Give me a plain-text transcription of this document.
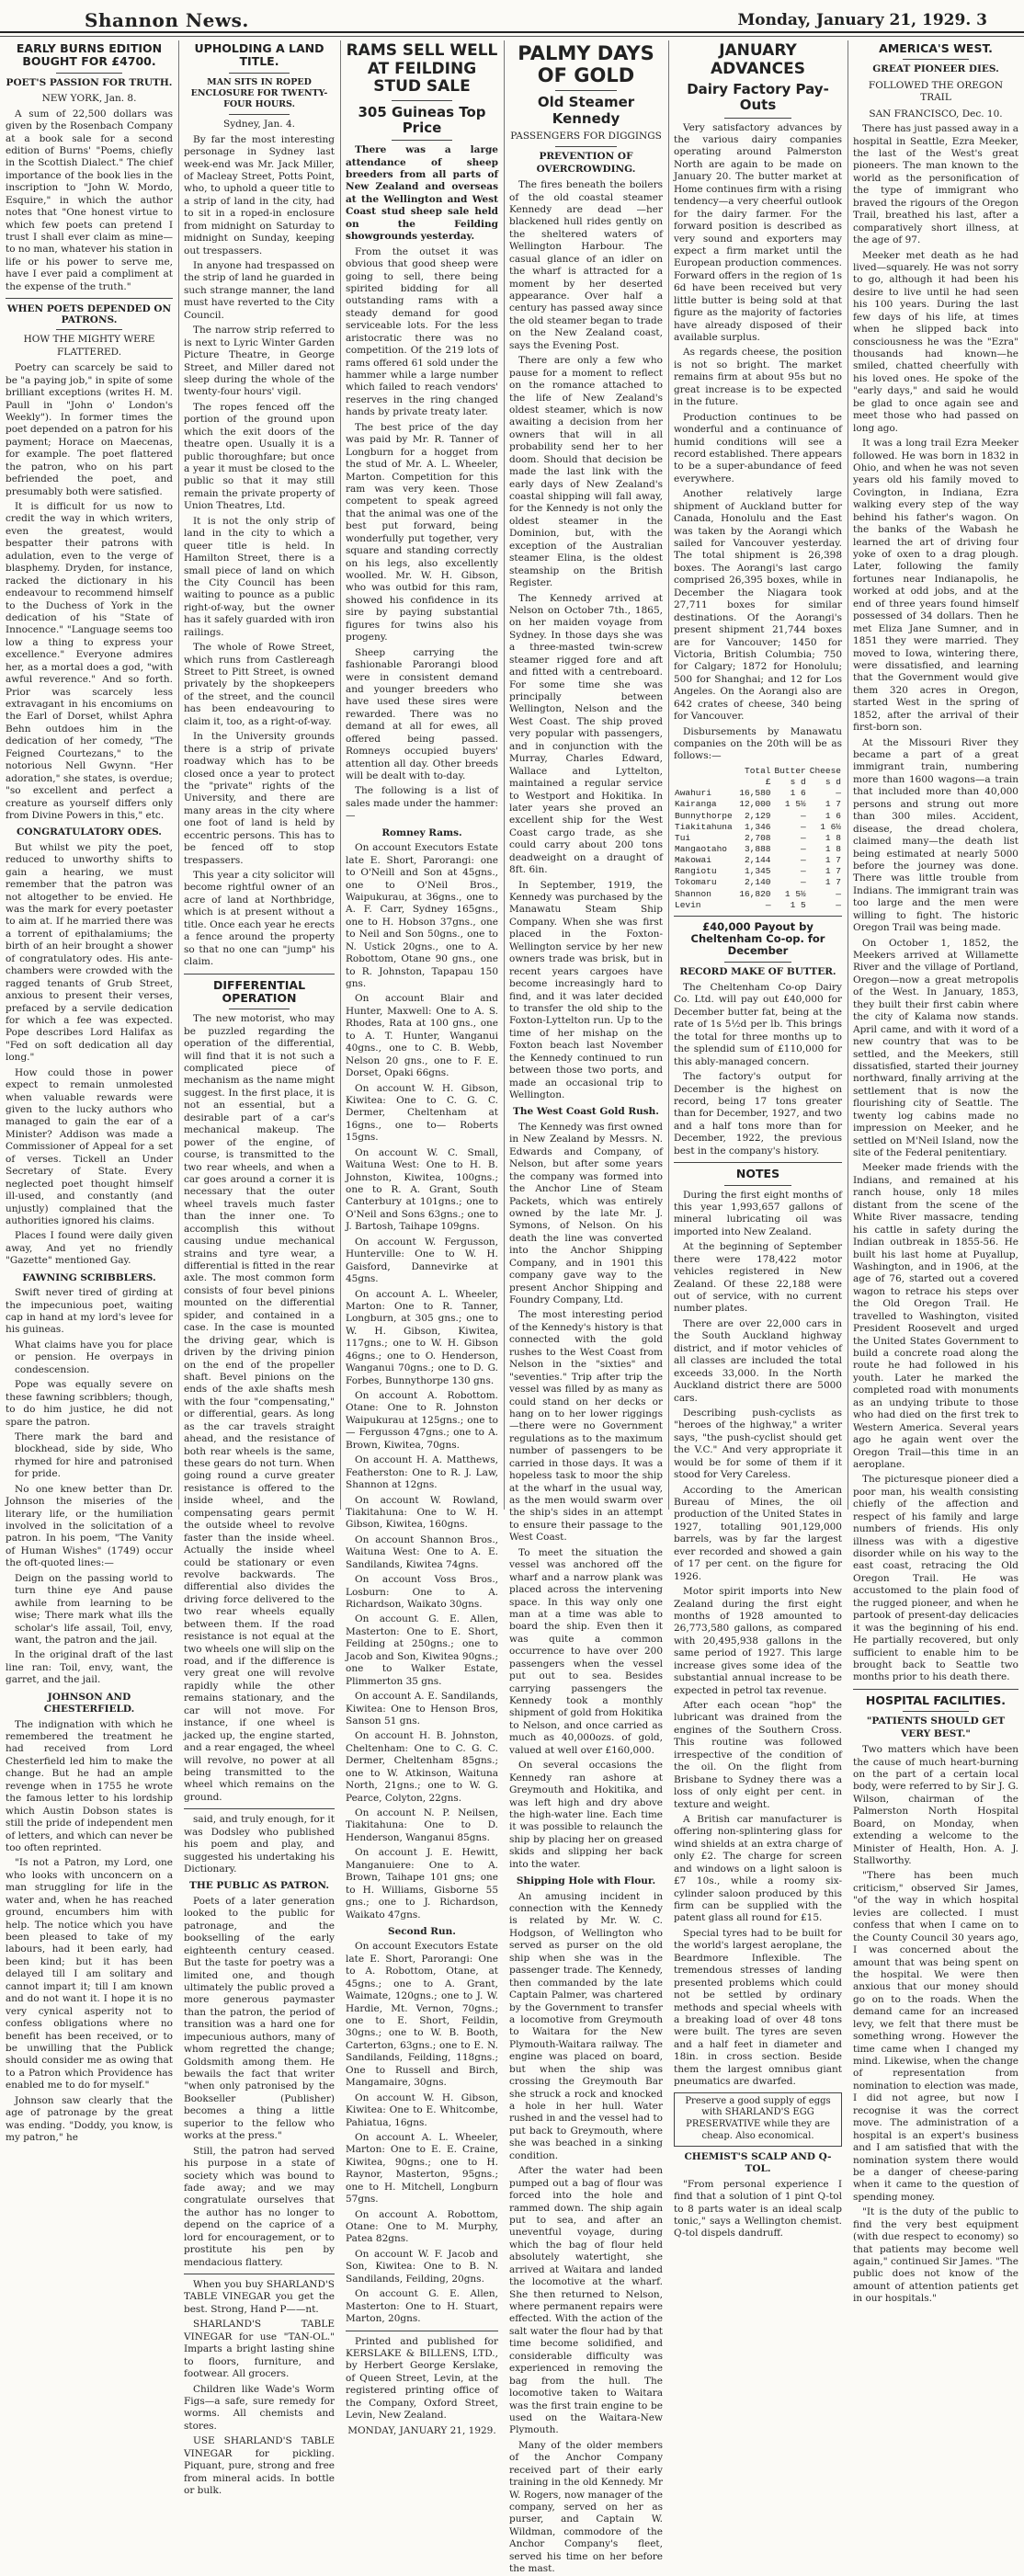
Shannon News.	Monday, January 21, 1929. 3
EARLY BURNS EDITION BOUGHT FOR £4700.
POET'S PASSION FOR TRUTH.

NEW YORK, Jan. 8.

A sum of 22,500 dollars was given by the Rosenbach Company at a book sale for a second edition of Burns' "Poems, chiefly in the Scottish Dialect." The chief importance of the book lies in the inscription to "John W. Mordo, Esquire," in which the author notes that "One honest virtue to which few poets can pretend I trust I shall ever claim as mine—to no man, whatever his station in life or his power to serve me, have I ever paid a compliment at the expense of the truth."

WHEN POETS DEPENDED ON PATRONS.
HOW THE MIGHTY WERE FLATTERED.

Poetry can scarcely be said to be "a paying job," in spite of some brilliant exceptions (writes H. M. Paull in "John o' London's Weekly"). In former times the poet depended on a patron for his payment; Horace on Maecenas, for example. The poet flattered the patron, who on his part befriended the poet, and presumably both were satisfied.

It is difficult for us now to credit the way in which writers, even the greatest, would bespatter their patrons with adulation, even to the verge of blasphemy. Dryden, for instance, racked the dictionary in his endeavour to recommend himself to the Duchess of York in the dedication of his "State of Innocence." "Language seems too low a thing to express your excellence." Everyone admires her, as a mortal does a god, "with awful reverence." And so forth. Prior was scarcely less extravagant in his encomiums on the Earl of Dorset, whilst Aphra Behn outdoes him in the dedication of her comedy, "The Feigned Courtezans," to the notorious Nell Gwynn. "Her adoration," she states, is overdue; "so excellent and perfect a creature as yourself differs only from Divine Powers in this," etc.

CONGRATULATORY ODES.

But whilst we pity the poet, reduced to unworthy shifts to gain a hearing, we must remember that the patron was not altogether to be envied. He was the mark for every poetaster to aim at. If he married there was a torrent of epithalamiums; the birth of an heir brought a shower of congratulatory odes. His ante-chambers were crowded with the ragged tenants of Grub Street, anxious to present their verses, prefaced by a servile dedication for which a fee was expected. Pope describes Lord Halifax as "Fed on soft dedication all day long."

How could those in power expect to remain unmolested when valuable rewards were given to the lucky authors who managed to gain the ear of a Minister? Addison was made a Commissioner of Appeal for a set of verses. Tickell an Under Secretary of State. Every neglected poet thought himself ill-used, and constantly (and unjustly) complained that the authorities ignored his claims.

Places I found were daily given away, And yet no friendly "Gazette" mentioned Gay.

FAWNING SCRIBBLERS.

Swift never tired of girding at the impecunious poet, waiting cap in hand at my lord's levee for his guineas.

What claims have you for place or pension. He overpays in condescension.

Pope was equally severe on these fawning scribblers; though, to do him justice, he did not spare the patron.

There mark the bard and blockhead, side by side, Who rhymed for hire and patronised for pride.

No one knew better than Dr. Johnson the miseries of the literary life, or the humiliation involved in the solicitation of a patron. In his poem, "The Vanity of Human Wishes" (1749) occur the oft-quoted lines:—

Deign on the passing world to turn thine eye And pause awhile from learning to be wise; There mark what ills the scholar's life assail, Toil, envy, want, the patron and the jail.

In the original draft of the last line ran: Toil, envy, want, the garret, and the jail.

JOHNSON AND CHESTERFIELD.

The indignation with which he remembered the treatment he had received from Lord Chesterfield led him to make the change. But he had an ample revenge when in 1755 he wrote the famous letter to his lordship which Austin Dobson states is still the pride of independent men of letters, and which can never be too often reprinted.

"Is not a Patron, my Lord, one who looks with unconcern on a man struggling for life in the water and, when he has reached ground, encumbers him with help. The notice which you have been pleased to take of my labours, had it been early, had been kind; but it has been delayed till I am solitary and cannot impart it; till I am known and do not want it. I hope it is no very cynical asperity not to confess obligations where no benefit has been received, or to be unwilling that the Publick should consider me as owing that to a Patron which Providence has enabled me to do for myself."

Johnson saw clearly that the age of patronage by the great was ending. "Doddy, you know, is my patron," he

UPHOLDING A LAND TITLE.
MAN SITS IN ROPED ENCLOSURE FOR TWENTY-FOUR HOURS.

Sydney, Jan. 4.

By far the most interesting personage in Sydney last week-end was Mr. Jack Miller, of Macleay Street, Potts Point, who, to uphold a queer title to a strip of land in the city, had to sit in a roped-in enclosure from midnight on Saturday to midnight on Sunday, keeping out trespassers.

In anyone had trespassed on the strip of land he guarded in such strange manner, the land must have reverted to the City Council.

The narrow strip referred to is next to Lyric Winter Garden Picture Theatre, in George Street, and Miller dared not sleep during the whole of the twenty-four hours' vigil.

The ropes fenced off the portion of the ground upon which the exit doors of the theatre open. Usually it is a public thoroughfare; but once a year it must be closed to the public so that it may still remain the private property of Union Theatres, Ltd.

It is not the only strip of land in the city to which a queer title is held. In Hamilton Street, there is a small piece of land on which the City Council has been waiting to pounce as a public right-of-way, but the owner has it safely guarded with iron railings.

The whole of Rowe Street, which runs from Castlereagh Street to Pitt Street, is owned privately by the shopkeepers of the street, and the council has been endeavouring to claim it, too, as a right-of-way.

In the University grounds there is a strip of private roadway which has to be closed once a year to protect the "private" rights of the University, and there are many areas in the city where one foot of land is held by eccentric persons. This has to be fenced off to stop trespassers.

This year a city solicitor will become rightful owner of an acre of land at Northbridge, which is at present without a title. Once each year he erects a fence around the property so that no one can "jump" his claim.

DIFFERENTIAL OPERATION

The new motorist, who may be puzzled regarding the operation of the differential, will find that it is not such a complicated piece of mechanism as the name might suggest. In the first place, it is not an essential, but a desirable part of a car's mechanical makeup. The power of the engine, of course, is transmitted to the two rear wheels, and when a car goes around a corner it is necessary that the outer wheel travels much faster than the inner one. To accomplish this without causing undue mechanical strains and tyre wear, a differential is fitted in the rear axle. The most common form consists of four bevel pinions mounted on the differential spider, and contained in a case. In the case is mounted the driving gear, which is driven by the driving pinion on the end of the propeller shaft. Bevel pinions on the ends of the axle shafts mesh with the four "compensating," or differential, gears. As long as the car travels straight ahead, and the resistance of both rear wheels is the same, these gears do not turn. When going round a curve greater resistance is offered to the inside wheel, and the compensating gears permit the outside wheel to revolve faster than the inside wheel. Actually the inside wheel could be stationary or even revolve backwards. The differential also divides the driving force delivered to the two rear wheels equally between them. If the road resistance is not equal at the two wheels one will slip on the road, and if the difference is very great one will revolve rapidly while the other remains stationary, and the car will not move. For instance, if one wheel is jacked up, the engine started, and a rear engaged, the wheel will revolve, no power at all being transmitted to the wheel which remains on the ground.

said, and truly enough, for it was Dodsley who published his poem and play, and suggested his undertaking his Dictionary.

THE PUBLIC AS PATRON.

Poets of a later generation looked to the public for patronage, and the bookselling of the early eighteenth century ceased. But the taste for poetry was a limited one, and though ultimately the public proved a more generous paymaster than the patron, the period of transition was a hard one for impecunious authors, many of whom regretted the change; Goldsmith among them. He bewails the fact that writer "when only patronised by the Bookseller (Publisher) becomes a thing a little superior to the fellow who works at the press."

Still, the patron had served his purpose in a state of society which was bound to fade away; and we may congratulate ourselves that the author has no longer to depend on the caprice of a lord for encouragement, or to prostitute his pen by mendacious flattery.

When you buy SHARLAND'S TABLE VINEGAR you get the best. Strong, Hand P——nt.

SHARLAND'S TABLE VINEGAR for use "TAN-OL." Imparts a bright lasting shine to floors, furniture, and footwear. All grocers.

Children like Wade's Worm Figs—a safe, sure remedy for worms. All chemists and stores.

USE SHARLAND'S TABLE VINEGAR for pickling. Piquant, pure, strong and free from mineral acids. In bottle or bulk.

RAMS SELL WELL AT FEILDING STUD SALE
305 Guineas Top Price

There was a large attendance of sheep breeders from all parts of New Zealand and overseas at the Wellington and West Coast stud sheep sale held on the Feilding showgrounds yesterday.

From the outset it was obvious that good sheep were going to sell, there being spirited bidding for all outstanding rams with a steady demand for good serviceable lots. For the less aristocratic there was no competition. Of the 219 lots of rams offered 61 sold under the hammer while a large number which failed to reach vendors' reserves in the ring changed hands by private treaty later.

The best price of the day was paid by Mr. R. Tanner of Longburn for a hogget from the stud of Mr. A. L. Wheeler, Marton. Competition for this ram was very keen. Those competent to speak agreed that the animal was one of the best put forward, being wonderfully put together, very square and standing correctly on his legs, also excellently woolled. Mr. W. H. Gibson, who was outbid for this ram, showed his confidence in its sire by paying substantial figures for twins also his progeny.

Sheep carrying the fashionable Parorangi blood were in consistent demand and younger breeders who have used these sires were rewarded. There was no demand at all for ewes, all offered being passed. Romneys occupied buyers' attention all day. Other breeds will be dealt with to-day.

The following is a list of sales made under the hammer:—

Romney Rams.

On account Executors Estate late E. Short, Parorangi: one to O'Neill and Son at 45gns., one to O'Neil Bros., Waipukurau, at 36gns., one to A. F. Carr, Sydney 165gns., one to H. Hobson 37gns., one to Neil and Son 50gns., one to N. Ustick 20gns., one to A. Robottom, Otane 90 gns., one to R. Johnston, Tapapau 150 gns.

On account Blair and Hunter, Maxwell: One to A. S. Rhodes, Rata at 100 gns., one to A. T. Hunter, Wanganui 40gns., one to C. B. Webb, Nelson 20 gns., one to F. E. Dorset, Opaki 66gns.

On account W. H. Gibson, Kiwitea: One to C. G. C. Dermer, Cheltenham at 16gns., one to— Roberts 15gns.

On account W. C. Small, Waituna West: One to H. B. Johnston, Kiwitea, 100gns.; one to R. A. Grant, South Canterbury at 101gns.; one to O'Neil and Sons 63gns.; one to J. Bartosh, Taihape 109gns.

On account W. Fergusson, Hunterville: One to W. H. Gaisford, Dannevirke at 45gns.

On account A. L. Wheeler, Marton: One to R. Tanner, Longburn, at 305 gns.; one to W. H. Gibson, Kiwitea, 117gns.; one to W. H. Gibson 46gns.; one to O. Henderson, Wanganui 70gns.; one to D. G. Forbes, Bunnythorpe 130 gns.

On account A. Robottom. Otane: One to R. Johnston Waipukurau at 125gns.; one to — Fergusson 47gns.; one to A. Brown, Kiwitea, 70gns.

On account H. A. Matthews, Featherston: One to R. J. Law, Shannon at 12gns.

On account W. Rowland, Tiakitahuna: One to W. H. Gibson, Kiwitea, 160gns.

On account Shannon Bros., Waituna West: One to A. E. Sandilands, Kiwitea 74gns.

On account Voss Bros., Losburn: One to A. Richardson, Waikato 30gns.

On account G. E. Allen, Masterton: One to E. Short, Feilding at 250gns.; one to Jacob and Son, Kiwitea 90gns.; one to Walker Estate, Plimmerton 35 gns.

On account A. E. Sandilands, Kiwitea: One to Henson Bros, Sanson 51 gns.

On account H. B. Johnston, Cheltenham: One to C. G. C. Dermer, Cheltenham 85gns.; one to W. Atkinson, Waituna North, 21gns.; one to W. G. Pearce, Colyton, 22gns.

On account N. P. Neilsen, Tiakitahuna: One to D. Henderson, Wanganui 85gns.

On account J. E. Hewitt, Manganuiere: One to A. Brown, Taihape 101 gns; one to H. Williams, Gisborne 55 gns.; one to J. Richardson, Waikato 47gns.

Second Run.

On account Executors Estate late E. Short, Parorangi: One to A. Robottom, Otane, at 45gns.; one to A. Grant, Waimate, 120gns.; one to J. W. Hardie, Mt. Vernon, 70gns.; one to E. Short, Feildin, 30gns.; one to W. B. Booth, Carterton, 63gns.; one to E. N. Sandilands, Feilding, 118gns.; One to Russell and Birch, Mangamaire, 30gns.

On account W. H. Gibson, Kiwitea: One to E. Whitcombe, Pahiatua, 16gns.

On account A. L. Wheeler, Marton: One to E. E. Craine, Kiwitea, 90gns.; one to H. Raynor, Masterton, 95gns.; one to H. Mitchell, Longburn 57gns.

On account A. Robottom, Otane: One to M. Murphy, Patea 82gns.

On account W. F. Jacob and Son, Kiwitea: One to B. N. Sandilands, Feilding, 20gns.

On account G. E. Allen, Masterton: One to H. Stuart, Marton, 20gns.

Printed and published for KERSLAKE & BILLENS, LTD., by Herbert George Kerslake, of Queen Street, Levin, at the registered printing office of the Company, Oxford Street, Levin, New Zealand.

MONDAY, JANUARY 21, 1929.

PALMY DAYS OF GOLD
Old Steamer Kennedy
PASSENGERS FOR DIGGINGS
PREVENTION OF OVERCROWDING.

The fires beneath the boilers of the old coastal steamer Kennedy are dead —her blackened hull rides gently on the sheltered waters of Wellington Harbour. The casual glance of an idler on the wharf is attracted for a moment by her deserted appearance. Over half a century has passed away since the old steamer began to trade on the New Zealand coast, says the Evening Post.

There are only a few who pause for a moment to reflect on the romance attached to the life of New Zealand's oldest steamer, which is now awaiting a decision from her owners that will in all probability send her to her doom. Should that decision be made the last link with the early days of New Zealand's coastal shipping will fall away, for the Kennedy is not only the oldest steamer in the Dominion, but, with the exception of the Australian steamer Elina, is the oldest steamship on the British Register.

The Kennedy arrived at Nelson on October 7th., 1865, on her maiden voyage from Sydney. In those days she was a three-masted twin-screw steamer rigged fore and aft and fitted with a centreboard. For some time she was principally between Wellington, Nelson and the West Coast. The ship proved very popular with passengers, and in conjunction with the Murray, Charles Edward, Wallace and Lyttelton, maintained a regular service to Westport and Hokitika. In later years she proved an excellent ship for the West Coast cargo trade, as she could carry about 200 tons deadweight on a draught of 8ft. 6in.

In September, 1919, the Kennedy was purchased by the Manawatu Steam Ship Company. When she was first placed in the Foxton-Wellington service by her new owners trade was brisk, but in recent years cargoes have become increasingly hard to find, and it was later decided to transfer the old ship to the Foxton-Lyttelton run. Up to the time of her mishap on the Foxton beach last November the Kennedy continued to run between those two ports, and made an occasional trip to Wellington.

The West Coast Gold Rush.

The Kennedy was first owned in New Zealand by Messrs. N. Edwards and Company, of Nelson, but after some years the company was formed into the Anchor Line of Steam Packets, which was entirely owned by the late Mr. J. Symons, of Nelson. On his death the line was converted into the Anchor Shipping Company, and in 1901 this company gave way to the present Anchor Shipping and Foundry Company, Ltd.

The most interesting period of the Kennedy's history is that connected with the gold rushes to the West Coast from Nelson in the "sixties" and "seventies." Trip after trip the vessel was filled by as many as could stand on her decks or hang on to her lower riggings—there were no Government regulations as to the maximum number of passengers to be carried in those days. It was a hopeless task to moor the ship at the wharf in the usual way, as the men would swarm over the ship's sides in an attempt to ensure their passage to the West Coast.

To meet the situation the vessel was anchored off the wharf and a narrow plank was placed across the intervening space. In this way only one man at a time was able to board the ship. Even then it was quite a common occurrence to have over 200 passengers when the vessel put out to sea. Besides carrying passengers the Kennedy took a monthly shipment of gold from Hokitika to Nelson, and once carried as much as 40,000ozs. of gold, valued at well over £160,000.

On several occasions the Kennedy ran ashore at Greymouth and Hokitika, and was left high and dry above the high-water line. Each time it was possible to relaunch the ship by placing her on greased skids and slipping her back into the water.

Shipping Hole with Flour.

An amusing incident in connection with the Kennedy is related by Mr. W. C. Hodgson, of Wellington who served as purser on the old ship when she was in the passenger trade. The Kennedy, then commanded by the late Captain Palmer, was chartered by the Government to transfer a locomotive from Greymouth to Waitara for the New Plymouth-Waitara railway. The engine was placed on board, but when the ship was crossing the Greymouth Bar she struck a rock and knocked a hole in her hull. Water rushed in and the vessel had to put back to Greymouth, where she was beached in a sinking condition.

After the water had been pumped out a bag of flour was forced into the hole and rammed down. The ship again put to sea, and after an uneventful voyage, during which the bag of flour held absolutely watertight, she arrived at Waitara and landed the locomotive at the wharf. She then returned to Nelson, where permanent repairs were effected. With the action of the salt water the flour had by that time become solidified, and considerable difficulty was experienced in removing the bag from the hull. The locomotive taken to Waitara was the first train engine to be used on the Waitara-New Plymouth.

Many of the older members of the Anchor Company received part of their early training in the old Kennedy. Mr W. Rogers, now manager of the company, served on her as purser, and Captain W. Wildman, commodore of the Anchor Company's fleet, served his time on her before the mast.

JANUARY ADVANCES
Dairy Factory Pay-Outs

Very satisfactory advances by the various dairy companies operating around Palmerston North are again to be made on January 20. The butter market at Home continues firm with a rising tendency—a very cheerful outlook for the dairy farmer. For the forward position is described as very sound and exporters may expect a firm market until the European production commences. Forward offers in the region of 1s 6d have been received but very little butter is being sold at that figure as the majority of factories have already disposed of their available surplus.

As regards cheese, the position is not so bright. The market remains firm at about 95s but no great increase is to be expected in the future.

Production continues to be wonderful and a continuance of humid conditions will see a record established. There appears to be a super-abundance of feed everywhere.

Another relatively large shipment of Auckland butter for Canada, Honolulu and the East was taken by the Aorangi which sailed for Vancouver yesterday. The total shipment is 26,398 boxes. The Aorangi's last cargo comprised 26,395 boxes, while in December the Niagara took 27,711 boxes for similar destinations. Of the Aorangi's present shipment 21,744 boxes are for Vancouver; 1450 for Victoria, British Columbia; 750 for Calgary; 1872 for Honolulu; 500 for Shanghai; and 12 for Los Angeles. On the Aorangi also are 642 crates of cheese, 340 being for Vancouver.

Disbursements by Manawatu companies on the 20th will be as follows:—

	Total	Butter	Cheese
	£	s d	s d
Awahuri	16,580	1 6	—
Kairanga	12,000	1 5½	1 7
Bunnythorpe	2,129	—	1 6
Tiakitahuna	1,346	—	1 6½
Tui	2,708	—	1 8
Mangaotaho	3,888	—	1 8
Makowai	2,144	—	1 7
Rangiotu	1,345	—	1 7
Tokomaru	2,140	—	1 7
Shannon	16,820	1 5½	—
Levin	—	1 5	—
£40,000 Payout by Cheltenham Co-op. for December
RECORD MAKE OF BUTTER.

The Cheltenham Co-op Dairy Co. Ltd. will pay out £40,000 for December butter fat, being at the rate of 1s 5½d per lb. This brings the total for three months up to the splendid sum of £110,000 for this ably-managed concern.

The factory's output for December is the highest on record, being 17 tons greater than for December, 1927, and two and a half tons more than for December, 1922, the previous best in the company's history.

NOTES

During the first eight months of this year 1,993,657 gallons of mineral lubricating oil was imported into New Zealand.

At the beginning of September there were 178,422 motor vehicles registered in New Zealand. Of these 22,188 were out of service, with no current number plates.

There are over 22,000 cars in the South Auckland highway district, and if motor vehicles of all classes are included the total exceeds 33,000. In the North Auckland district there are 5000 cars.

Describing push-cyclists as "heroes of the highway," a writer says, "the push-cyclist should get the V.C." And very appropriate it would be for some of them if it stood for Very Careless.

According to the American Bureau of Mines, the oil production of the United States in 1927, totalling 901,129,000 barrels, was by far the largest ever recorded and showed a gain of 17 per cent. on the figure for 1926.

Motor spirit imports into New Zealand during the first eight months of 1928 amounted to 26,773,580 gallons, as compared with 20,495,938 gallons in the same period of 1927. This large increase gives some idea of the substantial annual increase to be expected in petrol tax revenue.

After each ocean "hop" the lubricant was drained from the engines of the Southern Cross. This routine was followed irrespective of the condition of the oil. On the flight from Brisbane to Sydney there was a loss of only eight per cent. in texture and weight.

A British car manufacturer is offering non-splintering glass for wind shields at an extra charge of only £2. The charge for screen and windows on a light saloon is £7 10s., while a roomy six-cylinder saloon produced by this firm can be supplied with the patent glass all round for £15.

Special tyres had to be built for the world's largest aeroplane, the Beardmore Inflexible. The tremendous stresses of landing presented problems which could not be settled by ordinary methods and special wheels with a breaking load of over 48 tons were built. The tyres are seven and a half feet in diameter and 18in. in cross section. Beside them the largest omnibus giant pneumatics are dwarfed.

Preserve a good supply of eggs with SHARLAND'S EGG PRESERVATIVE while they are cheap. Also economical.
CHEMIST'S SCALP AND Q-TOL.

"From personal experience I find that a solution of 1 pint Q-tol to 8 parts water is an ideal scalp tonic," says a Wellington chemist. Q-tol dispels dandruff.

AMERICA'S WEST.
GREAT PIONEER DIES.
FOLLOWED THE OREGON TRAIL

SAN FRANCISCO, Dec. 10.

There has just passed away in a hospital in Seattle, Ezra Meeker, the last of the West's great pioneers. The man known to the world as the personification of the type of immigrant who braved the rigours of the Oregon Trail, breathed his last, after a comparatively short illness, at the age of 97.

Meeker met death as he had lived—squarely. He was not sorry to go, although it had been his desire to live until he had seen his 100 years. During the last few days of his life, at times when he slipped back into consciousness he was the "Ezra" thousands had known—he smiled, chatted cheerfully with his loved ones. He spoke of the "early days," and said he would be glad to once again see and meet those who had passed on long ago.

It was a long trail Ezra Meeker followed. He was born in 1832 in Ohio, and when he was not seven years old his family moved to Covington, in Indiana, Ezra walking every step of the way behind his father's wagon. On the banks of the Wabash he learned the art of driving four yoke of oxen to a drag plough. Later, following the family fortunes near Indianapolis, he worked at odd jobs, and at the end of three years found himself possessed of 34 dollars. Then he met Eliza Jane Sumner, and in 1851 they were married. They moved to Iowa, wintering there, were dissatisfied, and learning that the Government would give them 320 acres in Oregon, started West in the spring of 1852, after the arrival of their first-born son.

At the Missouri River they became a part of a great immigrant train, numbering more than 1600 wagons—a train that included more than 40,000 persons and strung out more than 300 miles. Accident, disease, the dread cholera, claimed many—the death list being estimated at nearly 5000 before the journey was done. There was little trouble from Indians. The immigrant train was too large and the men were willing to fight. The historic Oregon Trail was being made.

On October 1, 1852, the Meekers arrived at Willamette River and the village of Portland, Oregon—now a great metropolis of the West. In January, 1853, they built their first cabin where the city of Kalama now stands. April came, and with it word of a new country that was to be settled, and the Meekers, still dissatisfied, started their journey northward, finally arriving at the settlement that is now the flourishing city of Seattle. The twenty log cabins made no impression on Meeker, and he settled on M'Neil Island, now the site of the Federal penitentiary.

Meeker made friends with the Indians, and remained at his ranch house, only 18 miles distant from the scene of the White River massacre, tending his cattle in safety during the Indian outbreak in 1855-56. He built his last home at Puyallup, Washington, and in 1906, at the age of 76, started out a covered wagon to retrace his steps over the Old Oregon Trail. He travelled to Washington, visited President Roosevelt and urged the United States Government to build a concrete road along the route he had followed in his youth. Later he marked the completed road with monuments as an undying tribute to those who had died on the first trek to Western America. Several years ago he again went over the Oregon Trail—this time in an aeroplane.

The picturesque pioneer died a poor man, his wealth consisting chiefly of the affection and respect of his family and large numbers of friends. His only illness was with a digestive disorder while on his way to the east coast, retracing the Old Oregon Trail. He was accustomed to the plain food of the rugged pioneer, and when he partook of present-day delicacies it was the beginning of his end. He partially recovered, but only sufficient to enable him to be brought back to Seattle two months prior to his death there.

HOSPITAL FACILITIES.
"PATIENTS SHOULD GET VERY BEST."

Two matters which have been the cause of much heart-burning on the part of a certain local body, were referred to by Sir J. G. Wilson, chairman of the Palmerston North Hospital Board, on Monday, when extending a welcome to the Minister of Health, Hon. A. J. Stallworthy.

"There has been much criticism," observed Sir James, "of the way in which hospital levies are collected. I must confess that when I came on to the County Council 30 years ago, I was concerned about the amount that was being spent on the hospital. We were then anxious that our money should go on to the roads. When the demand came for an increased levy, we felt that there must be something wrong. However the time came when I changed my mind. Likewise, when the change of representation from nomination to election was made, I did not agree, but now I recognise it was the correct move. The administration of a hospital is an expert's business and I am satisfied that with the nomination system there would be a danger of cheese-paring when it came to the question of spending money.

"It is the duty of the public to find the very best equipment (with due respect to economy) so that patients may become well again," continued Sir James. "The public does not know of the amount of attention patients get in our hospitals."
